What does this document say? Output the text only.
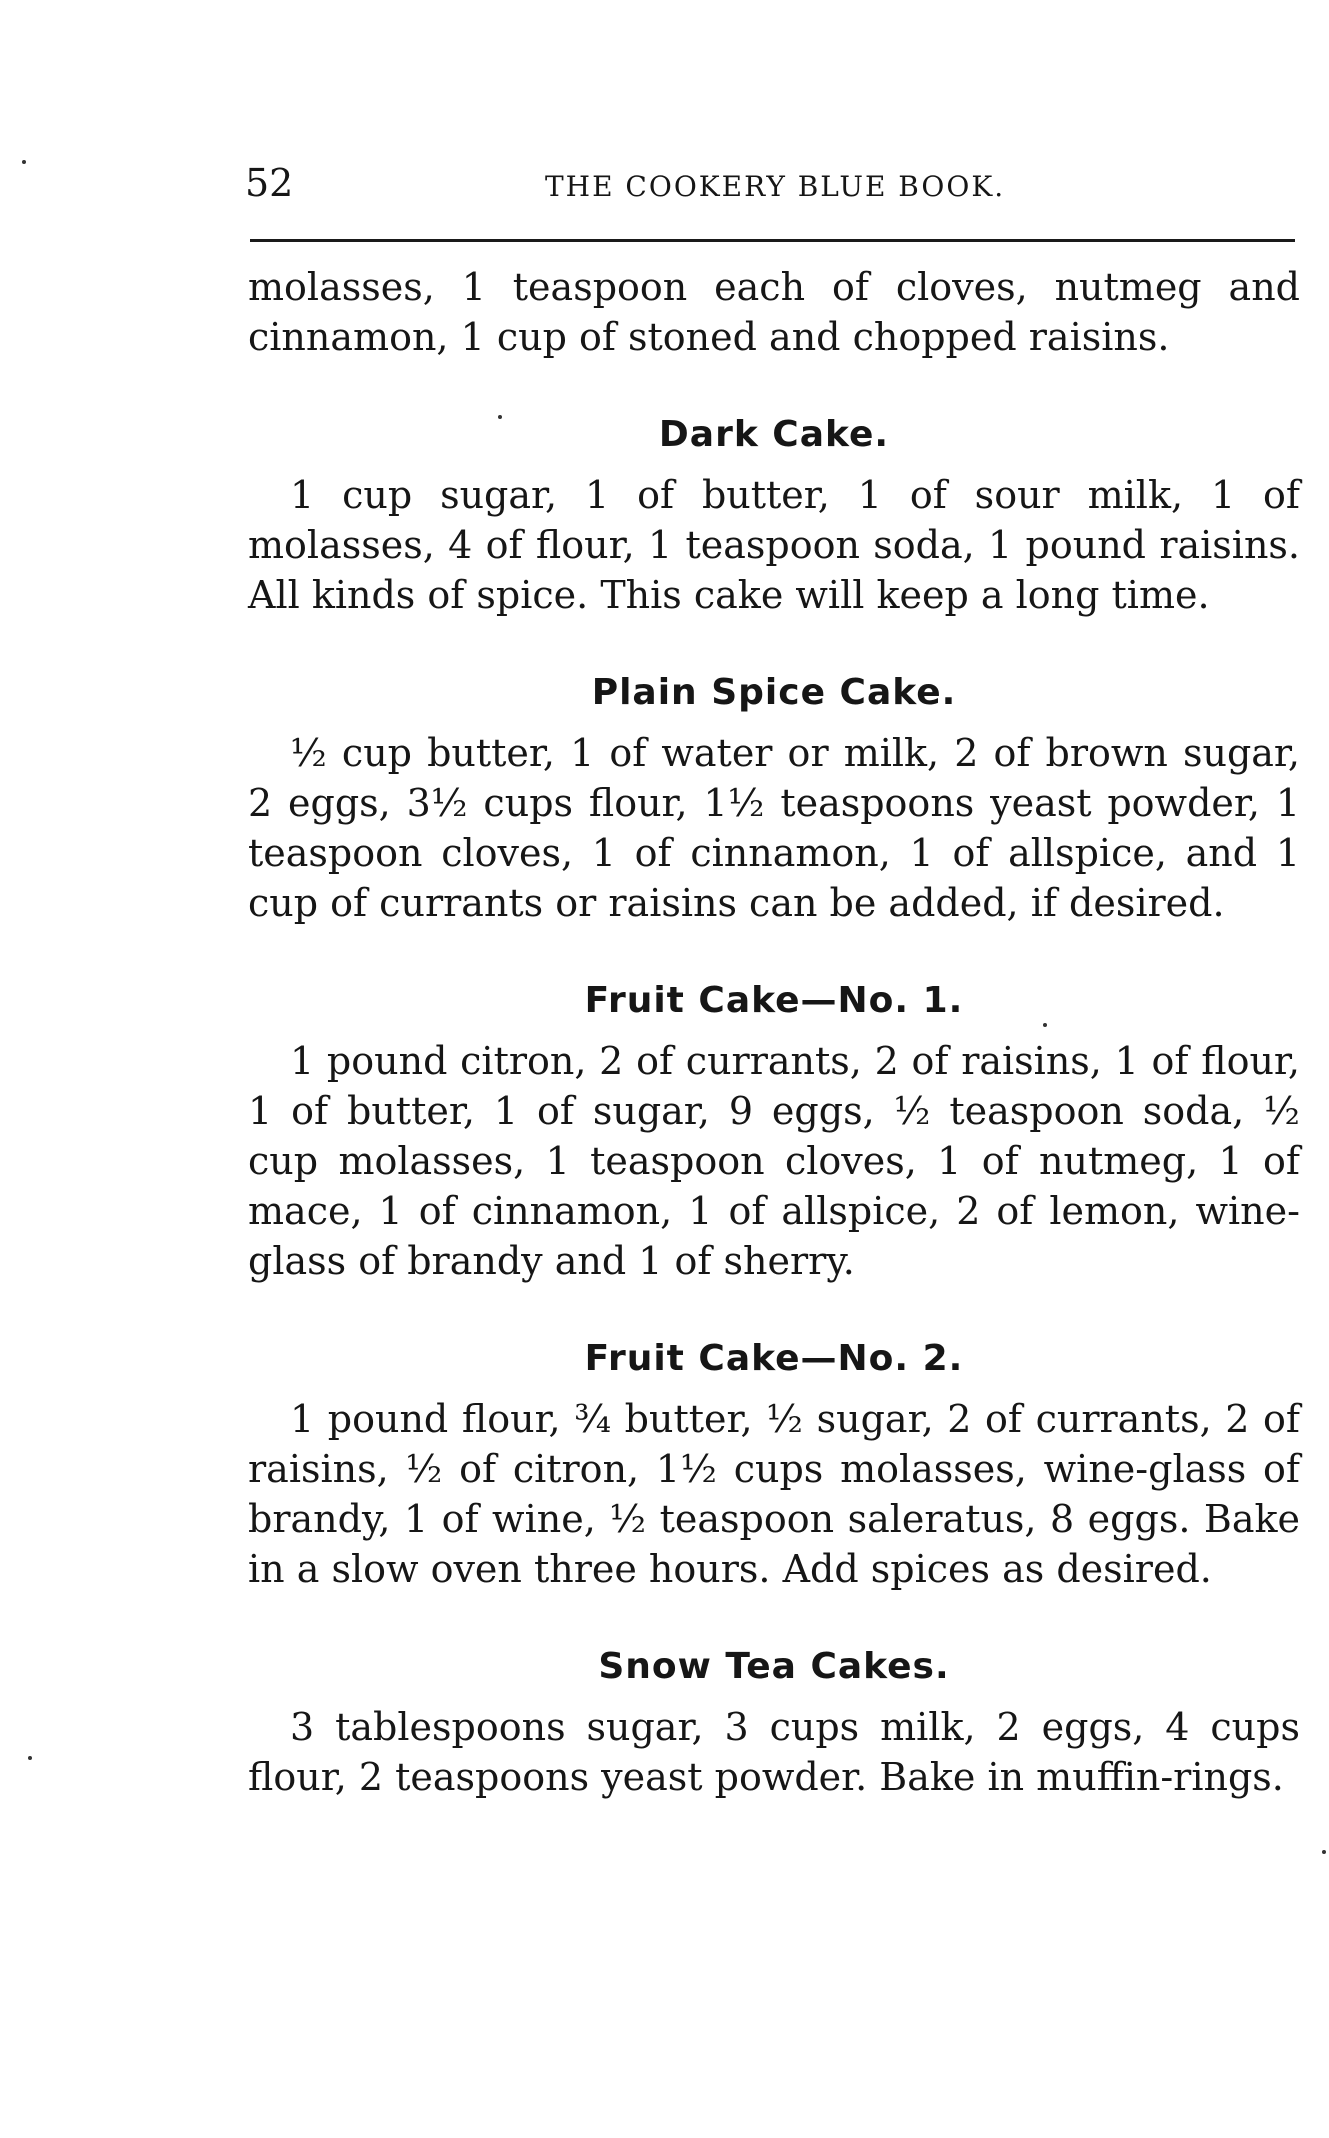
52	THE COOKERY BLUE BOOK.

molasses, 1 teaspoon each of cloves, nutmeg and cinnamon, 1 cup of stoned and chopped raisins.

Dark Cake.

1 cup sugar, 1 of butter, 1 of sour milk, 1 of molasses, 4 of flour, 1 teaspoon soda, 1 pound raisins. All kinds of spice. This cake will keep a long time.

Plain Spice Cake.

½ cup butter, 1 of water or milk, 2 of brown sugar, 2 eggs, 3½ cups flour, 1½ teaspoons yeast powder, 1 teaspoon cloves, 1 of cinnamon, 1 of allspice, and 1 cup of currants or raisins can be added, if desired.

Fruit Cake—No. 1.

1 pound citron, 2 of currants, 2 of raisins, 1 of flour, 1 of butter, 1 of sugar, 9 eggs, ½ teaspoon soda, ½ cup molasses, 1 teaspoon cloves, 1 of nutmeg, 1 of mace, 1 of cinnamon, 1 of allspice, 2 of lemon, wine-glass of brandy and 1 of sherry.

Fruit Cake—No. 2.

1 pound flour, ¾ butter, ½ sugar, 2 of currants, 2 of raisins, ½ of citron, 1½ cups molasses, wine-glass of brandy, 1 of wine, ½ teaspoon saleratus, 8 eggs. Bake in a slow oven three hours. Add spices as desired.

Snow Tea Cakes.

3 tablespoons sugar, 3 cups milk, 2 eggs, 4 cups flour, 2 teaspoons yeast powder. Bake in muffin-rings.
